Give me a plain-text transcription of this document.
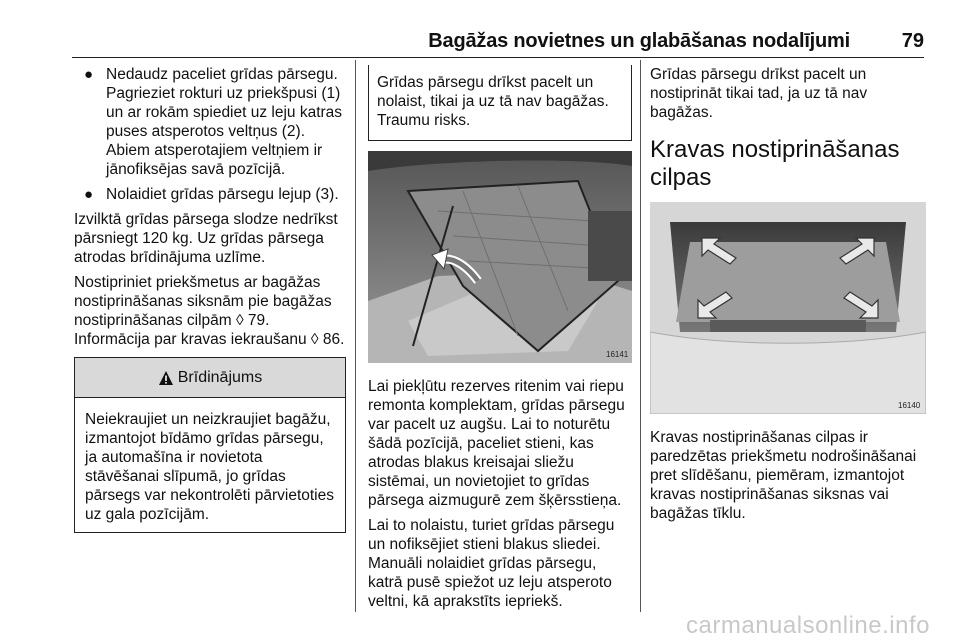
Bagāžas novietnes un glabāšanas nodalījumi	79
● Nedaudz paceliet grīdas pārsegu. Pagrieziet rokturi uz priekšpusi (1) un ar rokām spiediet uz leju katras puses atsperotos veltņus (2). Abiem atsperotajiem veltņiem ir jānofiksējas savā pozīcijā.
● Nolaidiet grīdas pārsegu lejup (3).

Izvilktā grīdas pārsega slodze nedrīkst pārsniegt 120 kg. Uz grīdas pārsega atrodas brīdinājuma uzlīme.

Nostipriniet priekšmetus ar bagāžas nostiprināšanas siksnām pie bagāžas nostiprināšanas cilpām ◊ 79.

Informācija par kravas iekraušanu ◊ 86.

Brīdinājums

Neiekraujiet un neizkraujiet bagāžu, izmantojot bīdāmo grīdas pārsegu, ja automašīna ir novietota stāvēšanai slīpumā, jo grīdas pārsegs var nekontrolēti pārvietoties uz gala pozīcijām.

Grīdas pārsegu drīkst pacelt un nolaist, tikai ja uz tā nav bagāžas. Traumu risks.

16141

Lai piekļūtu rezerves ritenim vai riepu remonta komplektam, grīdas pārsegu var pacelt uz augšu. Lai to noturētu šādā pozīcijā, paceliet stieni, kas atrodas blakus kreisajai sliežu sistēmai, un novietojiet to grīdas pārsega aizmugurē zem šķērsstieņa.

Lai to nolaistu, turiet grīdas pārsegu un nofiksējiet stieni blakus sliedei. Manuāli nolaidiet grīdas pārsegu, katrā pusē spiežot uz leju atsperoto veltni, kā aprakstīts iepriekš.

Grīdas pārsegu drīkst pacelt un nostiprināt tikai tad, ja uz tā nav bagāžas.

Kravas nostiprināšanas cilpas
16140

Kravas nostiprināšanas cilpas ir paredzētas priekšmetu nodrošināšanai pret slīdēšanu, piemēram, izmantojot kravas nostiprināšanas siksnas vai bagāžas tīklu.

carmanualsonline.info
